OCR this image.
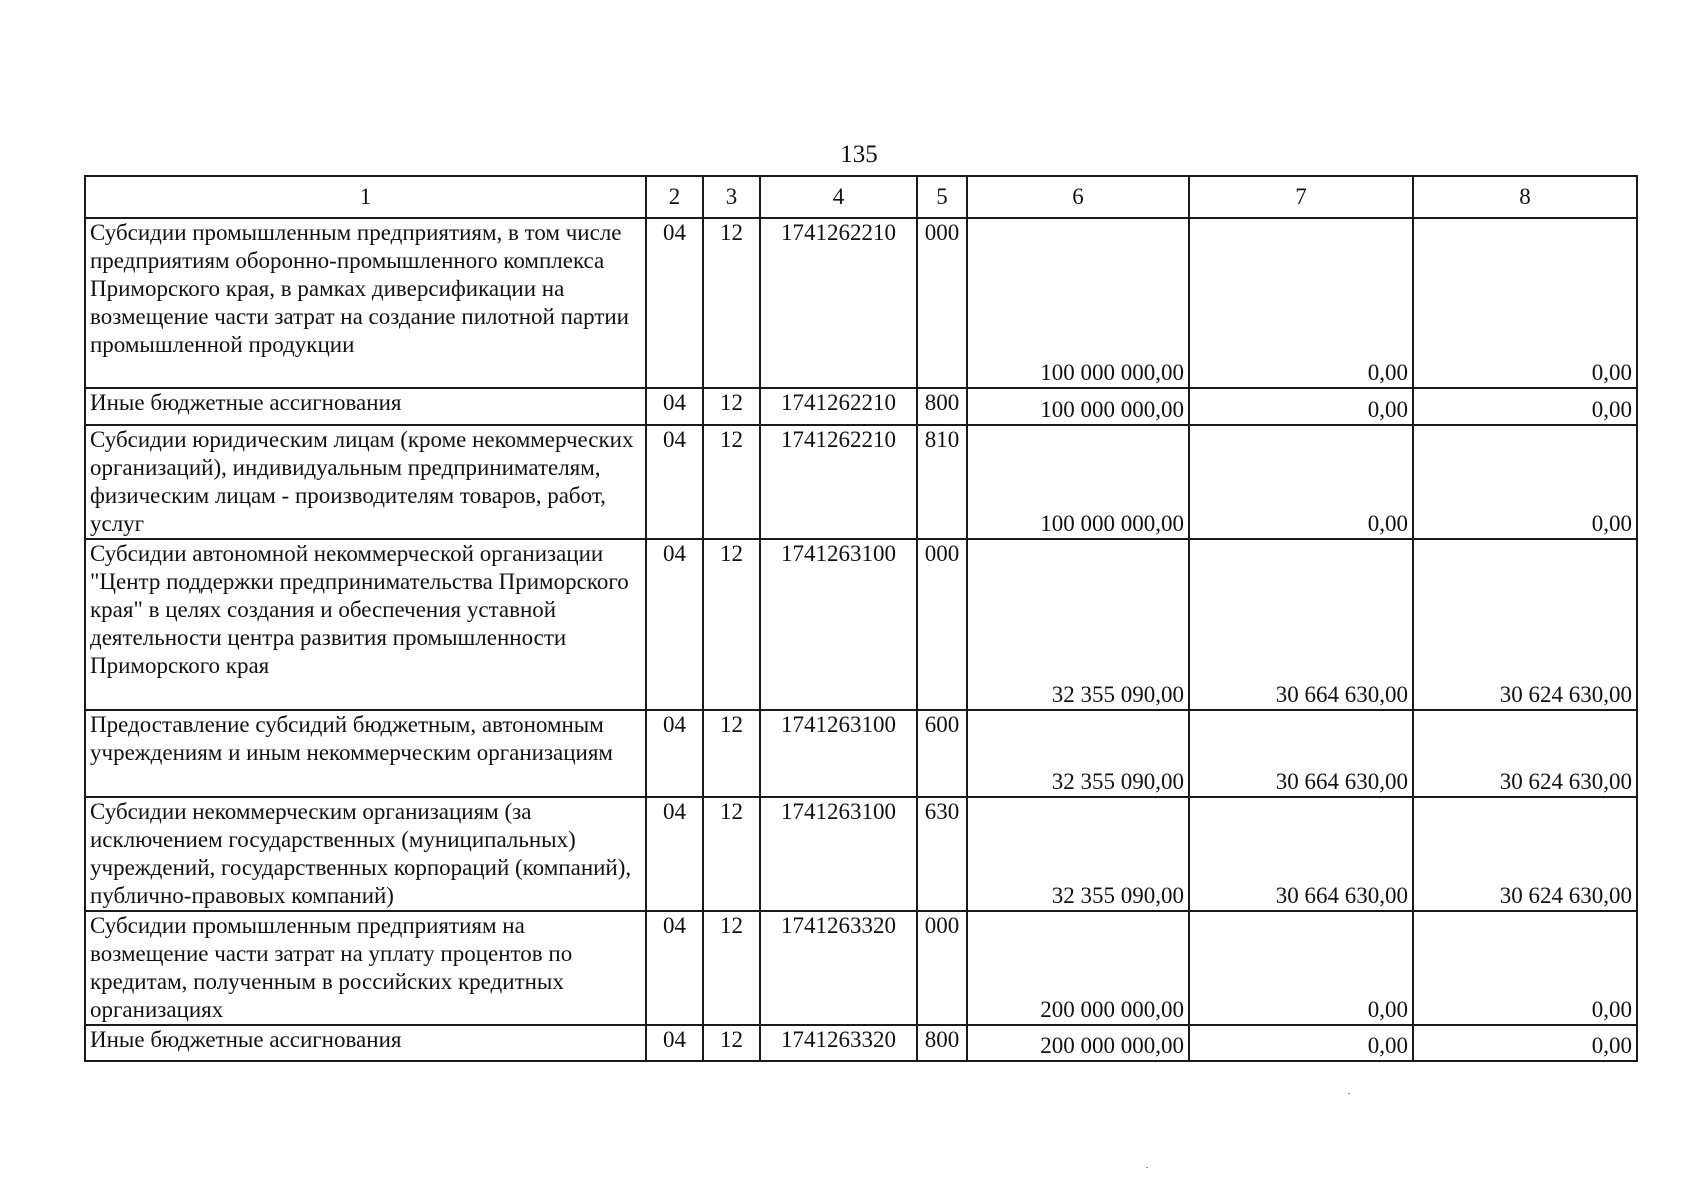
135
1	2	3	4	5	6	7	8
Субсидии промышленным предприятиям, в том числе предприятиям оборонно-промышленного комплекса Приморского края, в рамках диверсификации на возмещение части затрат на создание пилотной партии промышленной продукции	04	12	1741262210	000	100 000 000,00	0,00	0,00
Иные бюджетные ассигнования	04	12	1741262210	800	100 000 000,00	0,00	0,00
Субсидии юридическим лицам (кроме некоммерческих организаций), индивидуальным предпринимателям, физическим лицам - производителям товаров, работ, услуг	04	12	1741262210	810	100 000 000,00	0,00	0,00
Субсидии автономной некоммерческой организации "Центр поддержки предпринимательства Приморского края" в целях создания и обеспечения уставной деятельности центра развития промышленности Приморского края	04	12	1741263100	000	32 355 090,00	30 664 630,00	30 624 630,00
Предоставление субсидий бюджетным, автономным учреждениям и иным некоммерческим организациям	04	12	1741263100	600	32 355 090,00	30 664 630,00	30 624 630,00
Субсидии некоммерческим организациям (за исключением государственных (муниципальных) учреждений, государственных корпораций (компаний), публично-правовых компаний)	04	12	1741263100	630	32 355 090,00	30 664 630,00	30 624 630,00
Субсидии промышленным предприятиям на возмещение части затрат на уплату процентов по кредитам, полученным в российских кредитных организациях	04	12	1741263320	000	200 000 000,00	0,00	0,00
Иные бюджетные ассигнования	04	12	1741263320	800	200 000 000,00	0,00	0,00
